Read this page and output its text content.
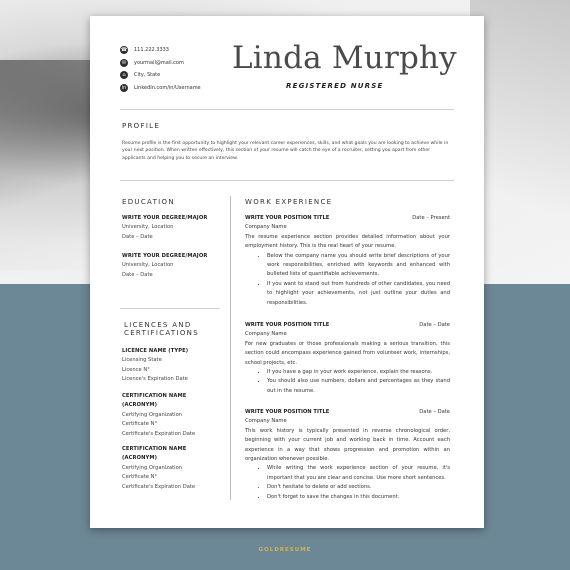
☎ 111.222.3333
✉	yourmail@mail.com
⌂	City, State
in	LinkedIn.com/in/Username
Linda Murphy
REGISTERED NURSE
PROFILE
Resume profile is the first opportunity to highlight your relevant career experiences, skills, and what goals you are looking to achieve while in your next position. When written effectively, this section of your resume will catch the eye of a recruiter, setting you apart from other applicants and helping you to secure an interview.
EDUCATION
WRITE YOUR DEGREE/MAJOR
University, Location
Date – Date
WRITE YOUR DEGREE/MAJOR
University, Location
Date – Date
LICENCES AND
CERTIFICATIONS
LICENCE NAME (TYPE)
Licensing State
Licence N°
Licence's Expiration Date
CERTIFICATION NAME
(ACRONYM)
Certifying Organization
Certificate N°
Certificate's Expiration Date
CERTIFICATION NAME
(ACRONYM)
Certifying Organization
Certificate N°
Certificate's Expiration Date
WORK EXPERIENCE
WRITE YOUR POSITION TITLE	Date – Present
Company Name
The resume experience section provides detailed information about your employment history. This is the real heart of your resume.
• Below the company name you should write brief descriptions of your work responsibilities, enriched with keywords and enhanced with bulleted lists of quantifiable achievements.
• If you want to stand out from hundreds of other candidates, you need to highlight your achievements, not just outline your duties and responsibilities.
WRITE YOUR POSITION TITLE	Date – Date
Company Name
For new graduates or those professionals making a serious transition, this section could encompass experience gained from volunteer work, internships, school projects, etc.
• If you have a gap in your work experience, explain the reasons.
• You should also use numbers, dollars and percentages as they stand out in the resume.
WRITE YOUR POSITION TITLE	Date – Date
Company Name
This work history is typically presented in reverse chronological order, beginning with your current job and working back in time. Account each experience in a way that shows progression and promotion within an organization whenever possible.
• While writing the work experience section of your resume, it's important that you are clear and concise. Use more short sentences.
• Don't hesitate to delete or add sections.
• Don't forget to save the changes in this document.
GOLDRESUME
